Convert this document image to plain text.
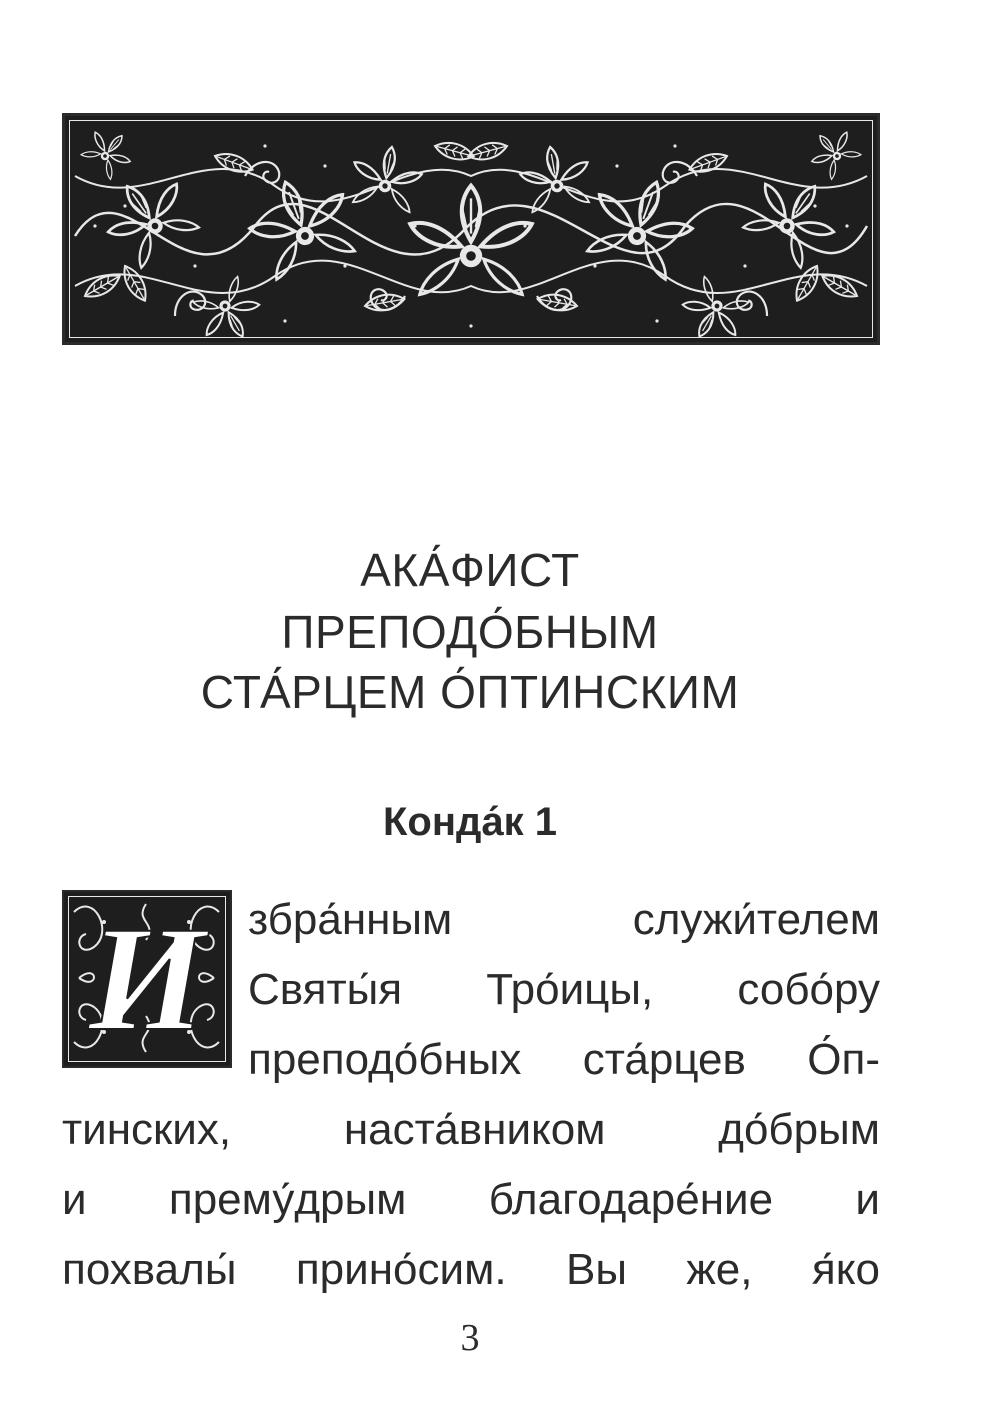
АКА́ФИСТ
ПРЕПОДО́БНЫМ
СТА́РЦЕМ О́ПТИНСКИМ
Конда́к 1
И збра́нным	служи́телем
Святы́я Тро́ицы, собо́ру
преподо́бных ста́рцев О́п-
тинских,	наста́вником	до́брым
и прему́дрым благодаре́ние и
похвалы́ прино́сим. Вы же, я́ко
3
